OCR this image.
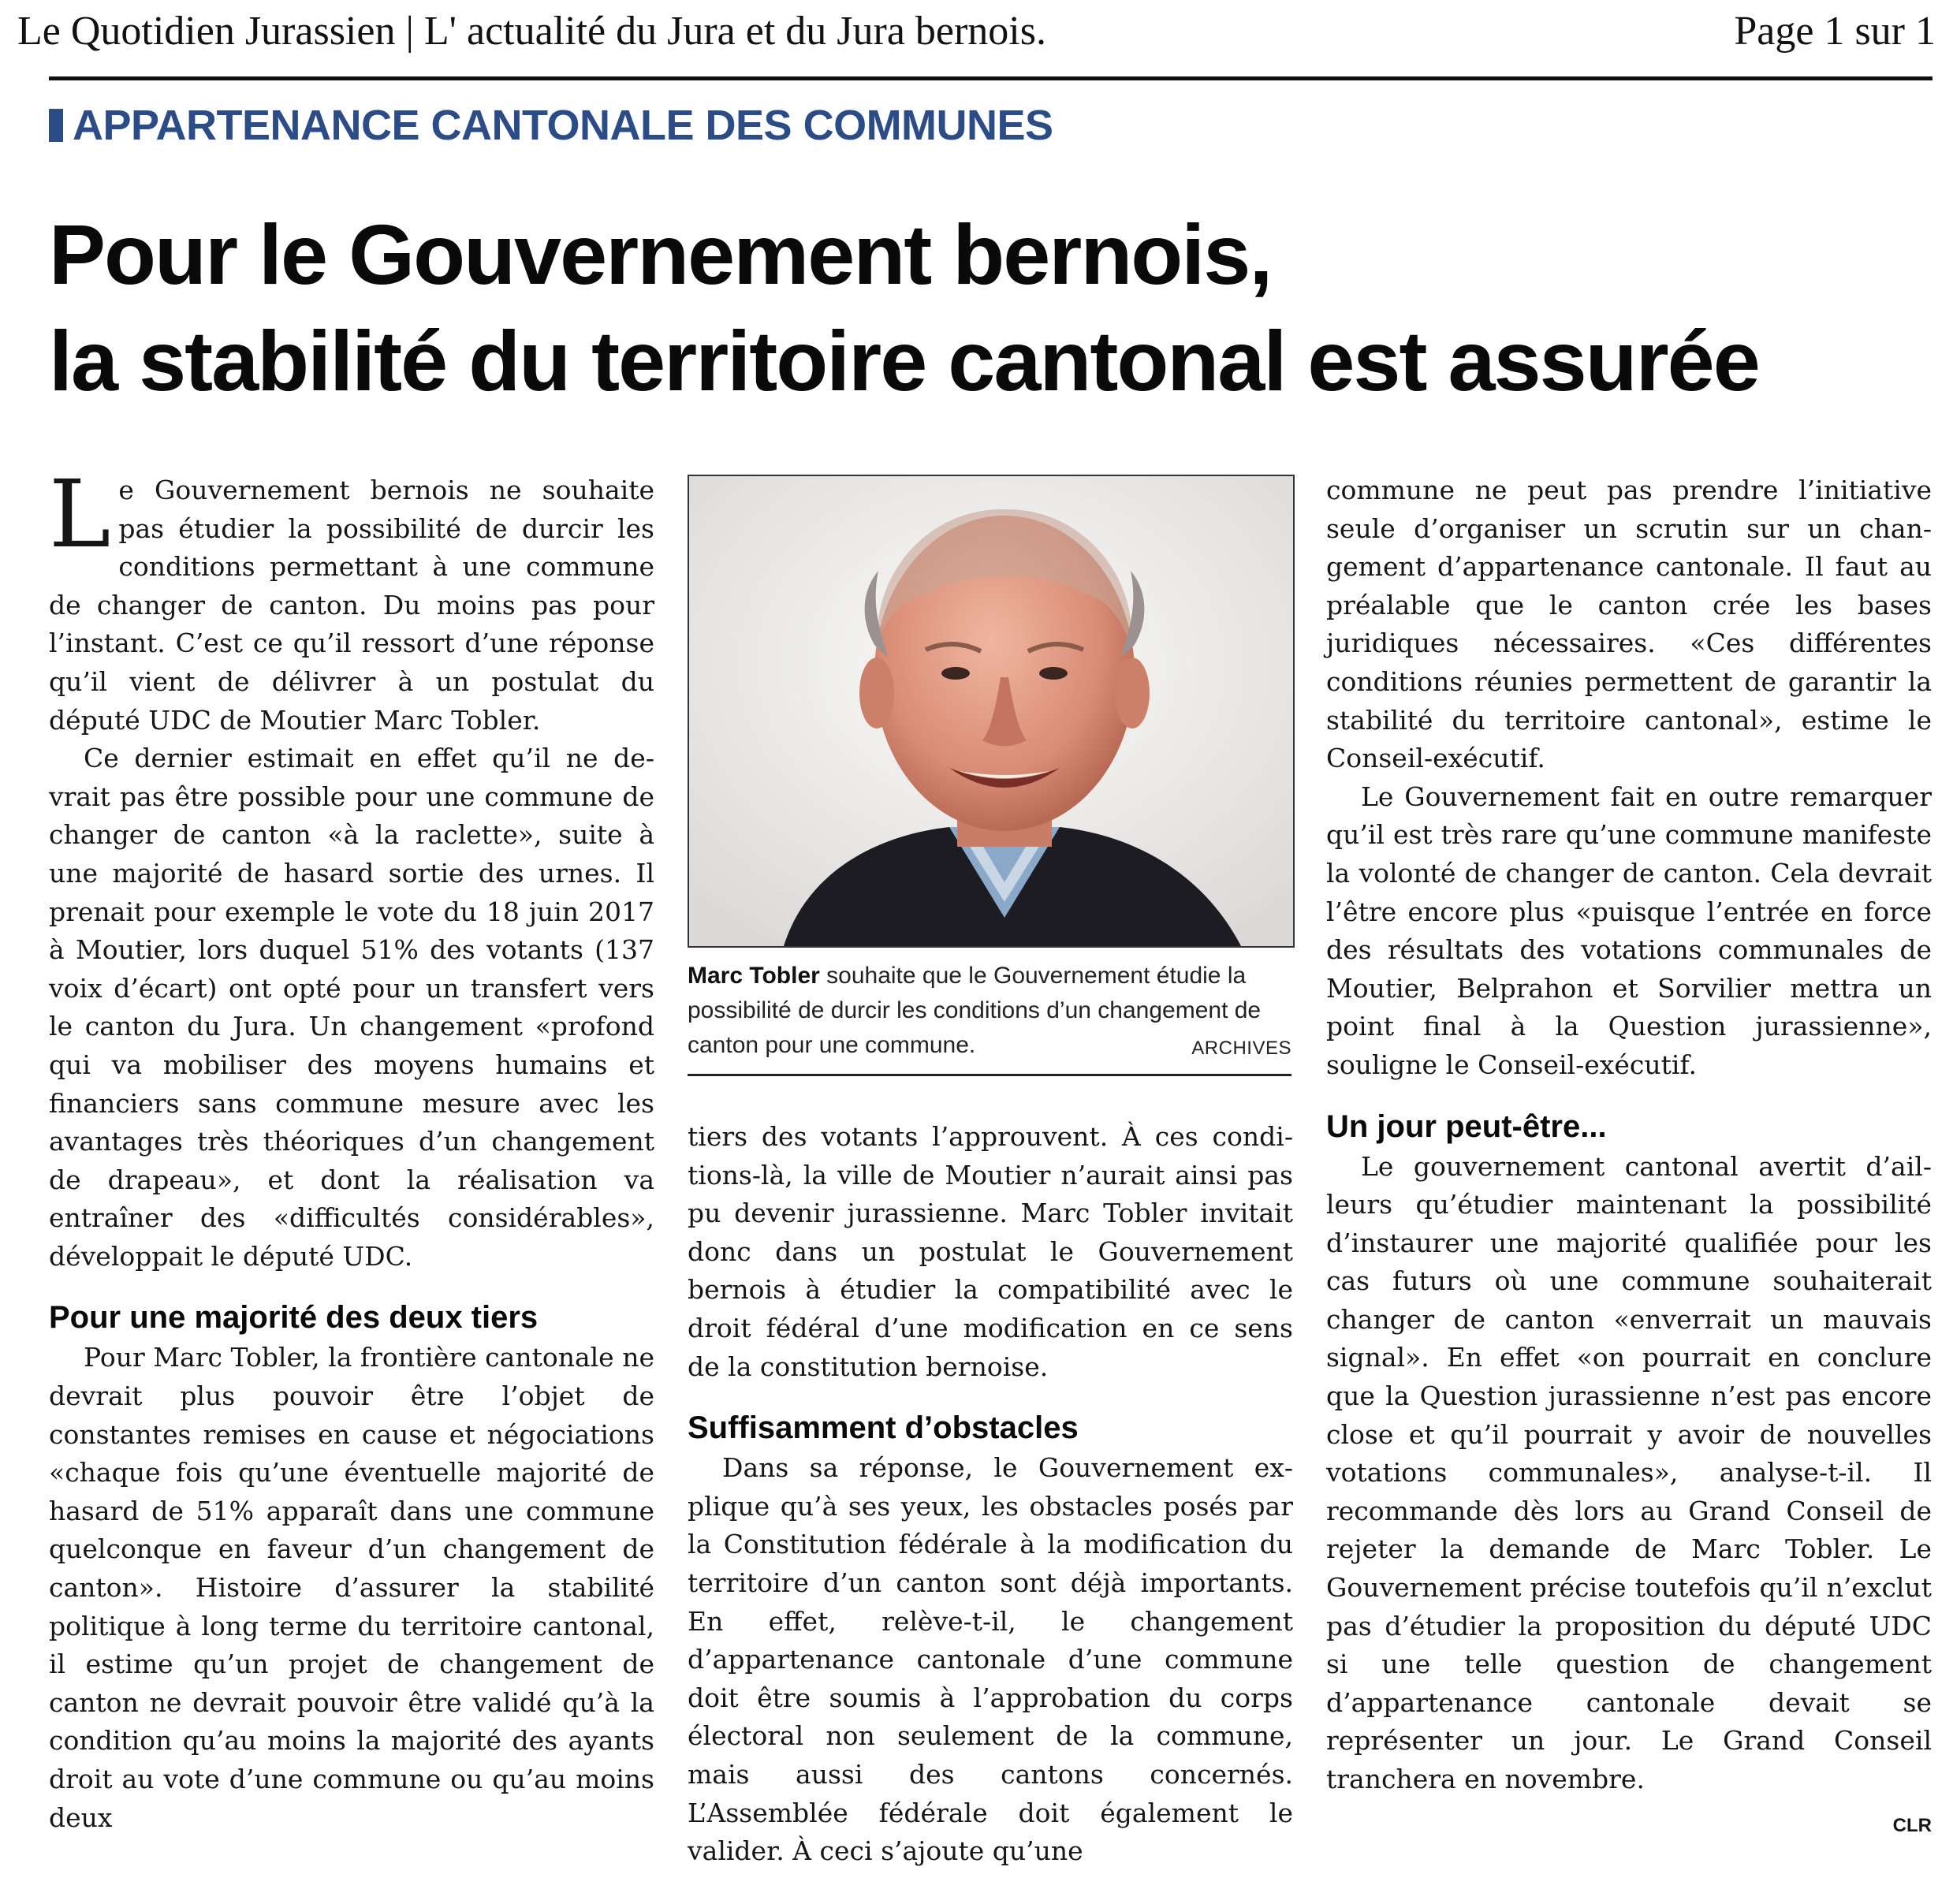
Le Quotidien Jurassien | L' actualité du Jura et du Jura bernois.	Page 1 sur 1
APPARTENANCE CANTONALE DES COMMUNES
Pour le Gouvernement bernois,
la stabilité du territoire cantonal est assurée

Le Gouvernement bernois ne souhaite pas étudier la possibilité de durcir les conditions permettant à une commune de changer de canton. Du moins pas pour l’instant. C’est ce qu’il ressort d’une réponse qu’il vient de délivrer à un postulat du député UDC de Moutier Marc Tobler.

Ce dernier estimait en effet qu’il ne devrait pas être possible pour une commune de changer de canton «à la raclette», suite à une majorité de hasard sortie des urnes. Il prenait pour exemple le vote du 18 juin 2017 à Moutier, lors duquel 51% des votants (137 voix d’écart) ont opté pour un transfert vers le canton du Jura. Un changement «profond qui va mobiliser des moyens humains et financiers sans commune mesure avec les avantages très théoriques d’un changement de drapeau», et dont la réalisation va entraîner des «difficultés considérables», développait le député UDC.

Pour une majorité des deux tiers

Pour Marc Tobler, la frontière cantonale ne devrait plus pouvoir être l’objet de constantes remises en cause et négociations «chaque fois qu’une éventuelle majorité de hasard de 51% apparaît dans une commune quelconque en faveur d’un changement de canton». Histoire d’assurer la stabilité politique à long terme du territoire cantonal, il estime qu’un projet de changement de canton ne devrait pouvoir être validé qu’à la condition qu’au moins la majorité des ayants droit au vote d’une commune ou qu’au moins deux

Marc Tobler souhaite que le Gouvernement étudie la possibilité de durcir les conditions d’un changement de canton pour une commune.	ARCHIVES

tiers des votants l’approuvent. À ces conditions-là, la ville de Moutier n’aurait ainsi pas pu devenir jurassienne. Marc Tobler invitait donc dans un postulat le Gouvernement bernois à étudier la compatibilité avec le droit fédéral d’une modification en ce sens de la constitution bernoise.

Suffisamment d’obstacles

Dans sa réponse, le Gouvernement explique qu’à ses yeux, les obstacles posés par la Constitution fédérale à la modification du territoire d’un canton sont déjà importants. En effet, relève-t-il, le changement d’appartenance cantonale d’une commune doit être soumis à l’approbation du corps électoral non seulement de la commune, mais aussi des cantons concernés. L’Assemblée fédérale doit également le valider. À ceci s’ajoute qu’une

commune ne peut pas prendre l’initiative seule d’organiser un scrutin sur un changement d’appartenance cantonale. Il faut au préalable que le canton crée les bases juridiques nécessaires. «Ces différentes conditions réunies permettent de garantir la stabilité du territoire cantonal», estime le Conseil-exécutif.

Le Gouvernement fait en outre remarquer qu’il est très rare qu’une commune manifeste la volonté de changer de canton. Cela devrait l’être encore plus «puisque l’entrée en force des résultats des votations communales de Moutier, Belprahon et Sorvilier mettra un point final à la Question jurassienne», souligne le Conseil-exécutif.

Un jour peut-être...

Le gouvernement cantonal avertit d’ailleurs qu’étudier maintenant la possibilité d’instaurer une majorité qualifiée pour les cas futurs où une commune souhaiterait changer de canton «enverrait un mauvais signal». En effet «on pourrait en conclure que la Question jurassienne n’est pas encore close et qu’il pourrait y avoir de nouvelles votations communales», analyse-t-il. Il recommande dès lors au Grand Conseil de rejeter la demande de Marc Tobler. Le Gouvernement précise toutefois qu’il n’exclut pas d’étudier la proposition du député UDC si une telle question de changement d’appartenance cantonale devait se représenter un jour. Le Grand Conseil tranchera en novembre.

CLR
